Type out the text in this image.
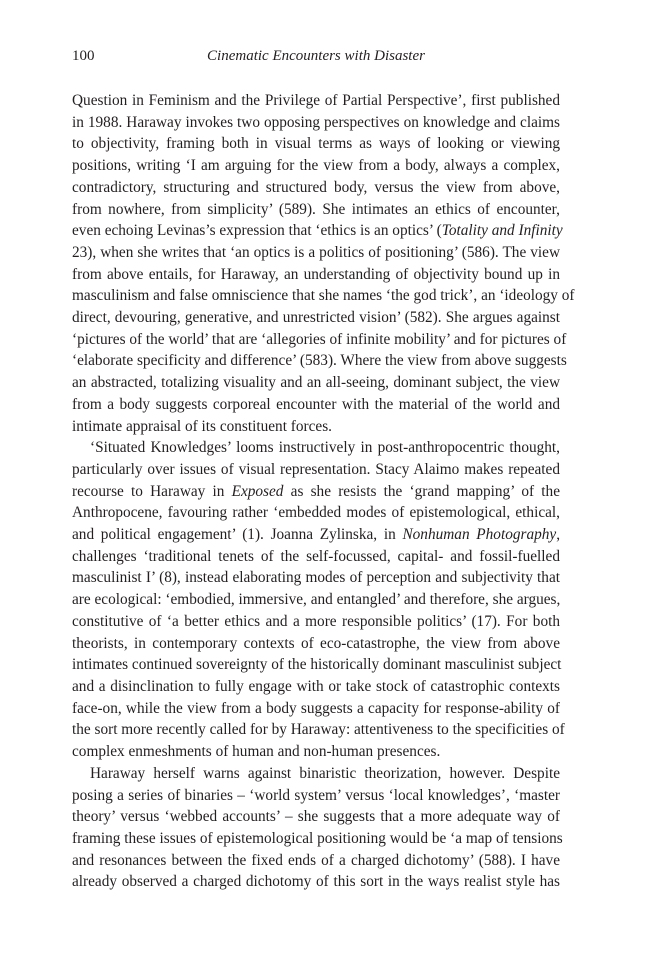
100	Cinematic Encounters with Disaster
Question in Feminism and the Privilege of Partial Perspective’, first published
in 1988. Haraway invokes two opposing perspectives on knowledge and claims
to objectivity, framing both in visual terms as ways of looking or viewing
positions, writing ‘I am arguing for the view from a body, always a complex,
contradictory, structuring and structured body, versus the view from above,
from nowhere, from simplicity’ (589). She intimates an ethics of encounter,
even echoing Levinas’s expression that ‘ethics is an optics’ (Totality and Infinity
23), when she writes that ‘an optics is a politics of positioning’ (586). The view
from above entails, for Haraway, an understanding of objectivity bound up in
masculinism and false omniscience that she names ‘the god trick’, an ‘ideology of
direct, devouring, generative, and unrestricted vision’ (582). She argues against
‘pictures of the world’ that are ‘allegories of infinite mobility’ and for pictures of
‘elaborate specificity and difference’ (583). Where the view from above suggests
an abstracted, totalizing visuality and an all-seeing, dominant subject, the view
from a body suggests corporeal encounter with the material of the world and
intimate appraisal of its constituent forces.
‘Situated Knowledges’ looms instructively in post-anthropocentric thought,
particularly over issues of visual representation. Stacy Alaimo makes repeated
recourse to Haraway in Exposed as she resists the ‘grand mapping’ of the
Anthropocene, favouring rather ‘embedded modes of epistemological, ethical,
and political engagement’ (1). Joanna Zylinska, in Nonhuman Photography,
challenges ‘traditional tenets of the self-focussed, capital- and fossil-fuelled
masculinist I’ (8), instead elaborating modes of perception and subjectivity that
are ecological: ‘embodied, immersive, and entangled’ and therefore, she argues,
constitutive of ‘a better ethics and a more responsible politics’ (17). For both
theorists, in contemporary contexts of eco-catastrophe, the view from above
intimates continued sovereignty of the historically dominant masculinist subject
and a disinclination to fully engage with or take stock of catastrophic contexts
face-on, while the view from a body suggests a capacity for response-ability of
the sort more recently called for by Haraway: attentiveness to the specificities of
complex enmeshments of human and non-human presences.
Haraway herself warns against binaristic theorization, however. Despite
posing a series of binaries – ‘world system’ versus ‘local knowledges’, ‘master
theory’ versus ‘webbed accounts’ – she suggests that a more adequate way of
framing these issues of epistemological positioning would be ‘a map of tensions
and resonances between the fixed ends of a charged dichotomy’ (588). I have
already observed a charged dichotomy of this sort in the ways realist style has
